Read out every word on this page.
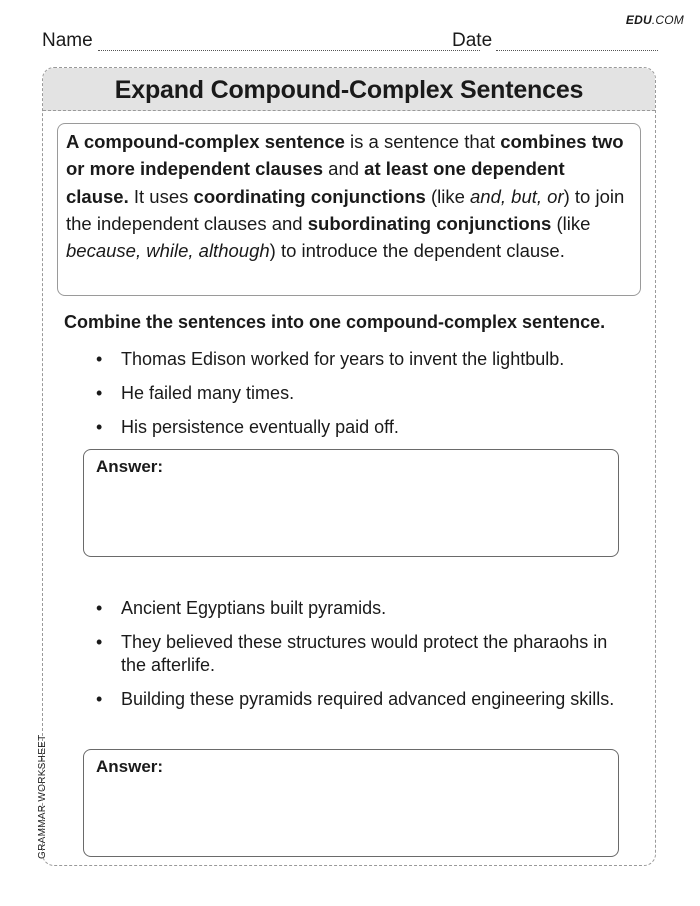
EDU.COM
Name	Date
GRAMMAR WORKSHEET
Expand Compound-Complex Sentences
A compound-complex sentence is a sentence that combines two or more independent clauses and at least one dependent clause. It uses coordinating conjunctions (like and, but, or) to join the independent clauses and subordinating conjunctions (like because, while, although) to introduce the dependent clause.
Combine the sentences into one compound-complex sentence.
• Thomas Edison worked for years to invent the lightbulb.
• He failed many times.
• His persistence eventually paid off.
Answer:
• Ancient Egyptians built pyramids.
• They believed these structures would protect the pharaohs in the afterlife.
• Building these pyramids required advanced engineering skills.
Answer:
